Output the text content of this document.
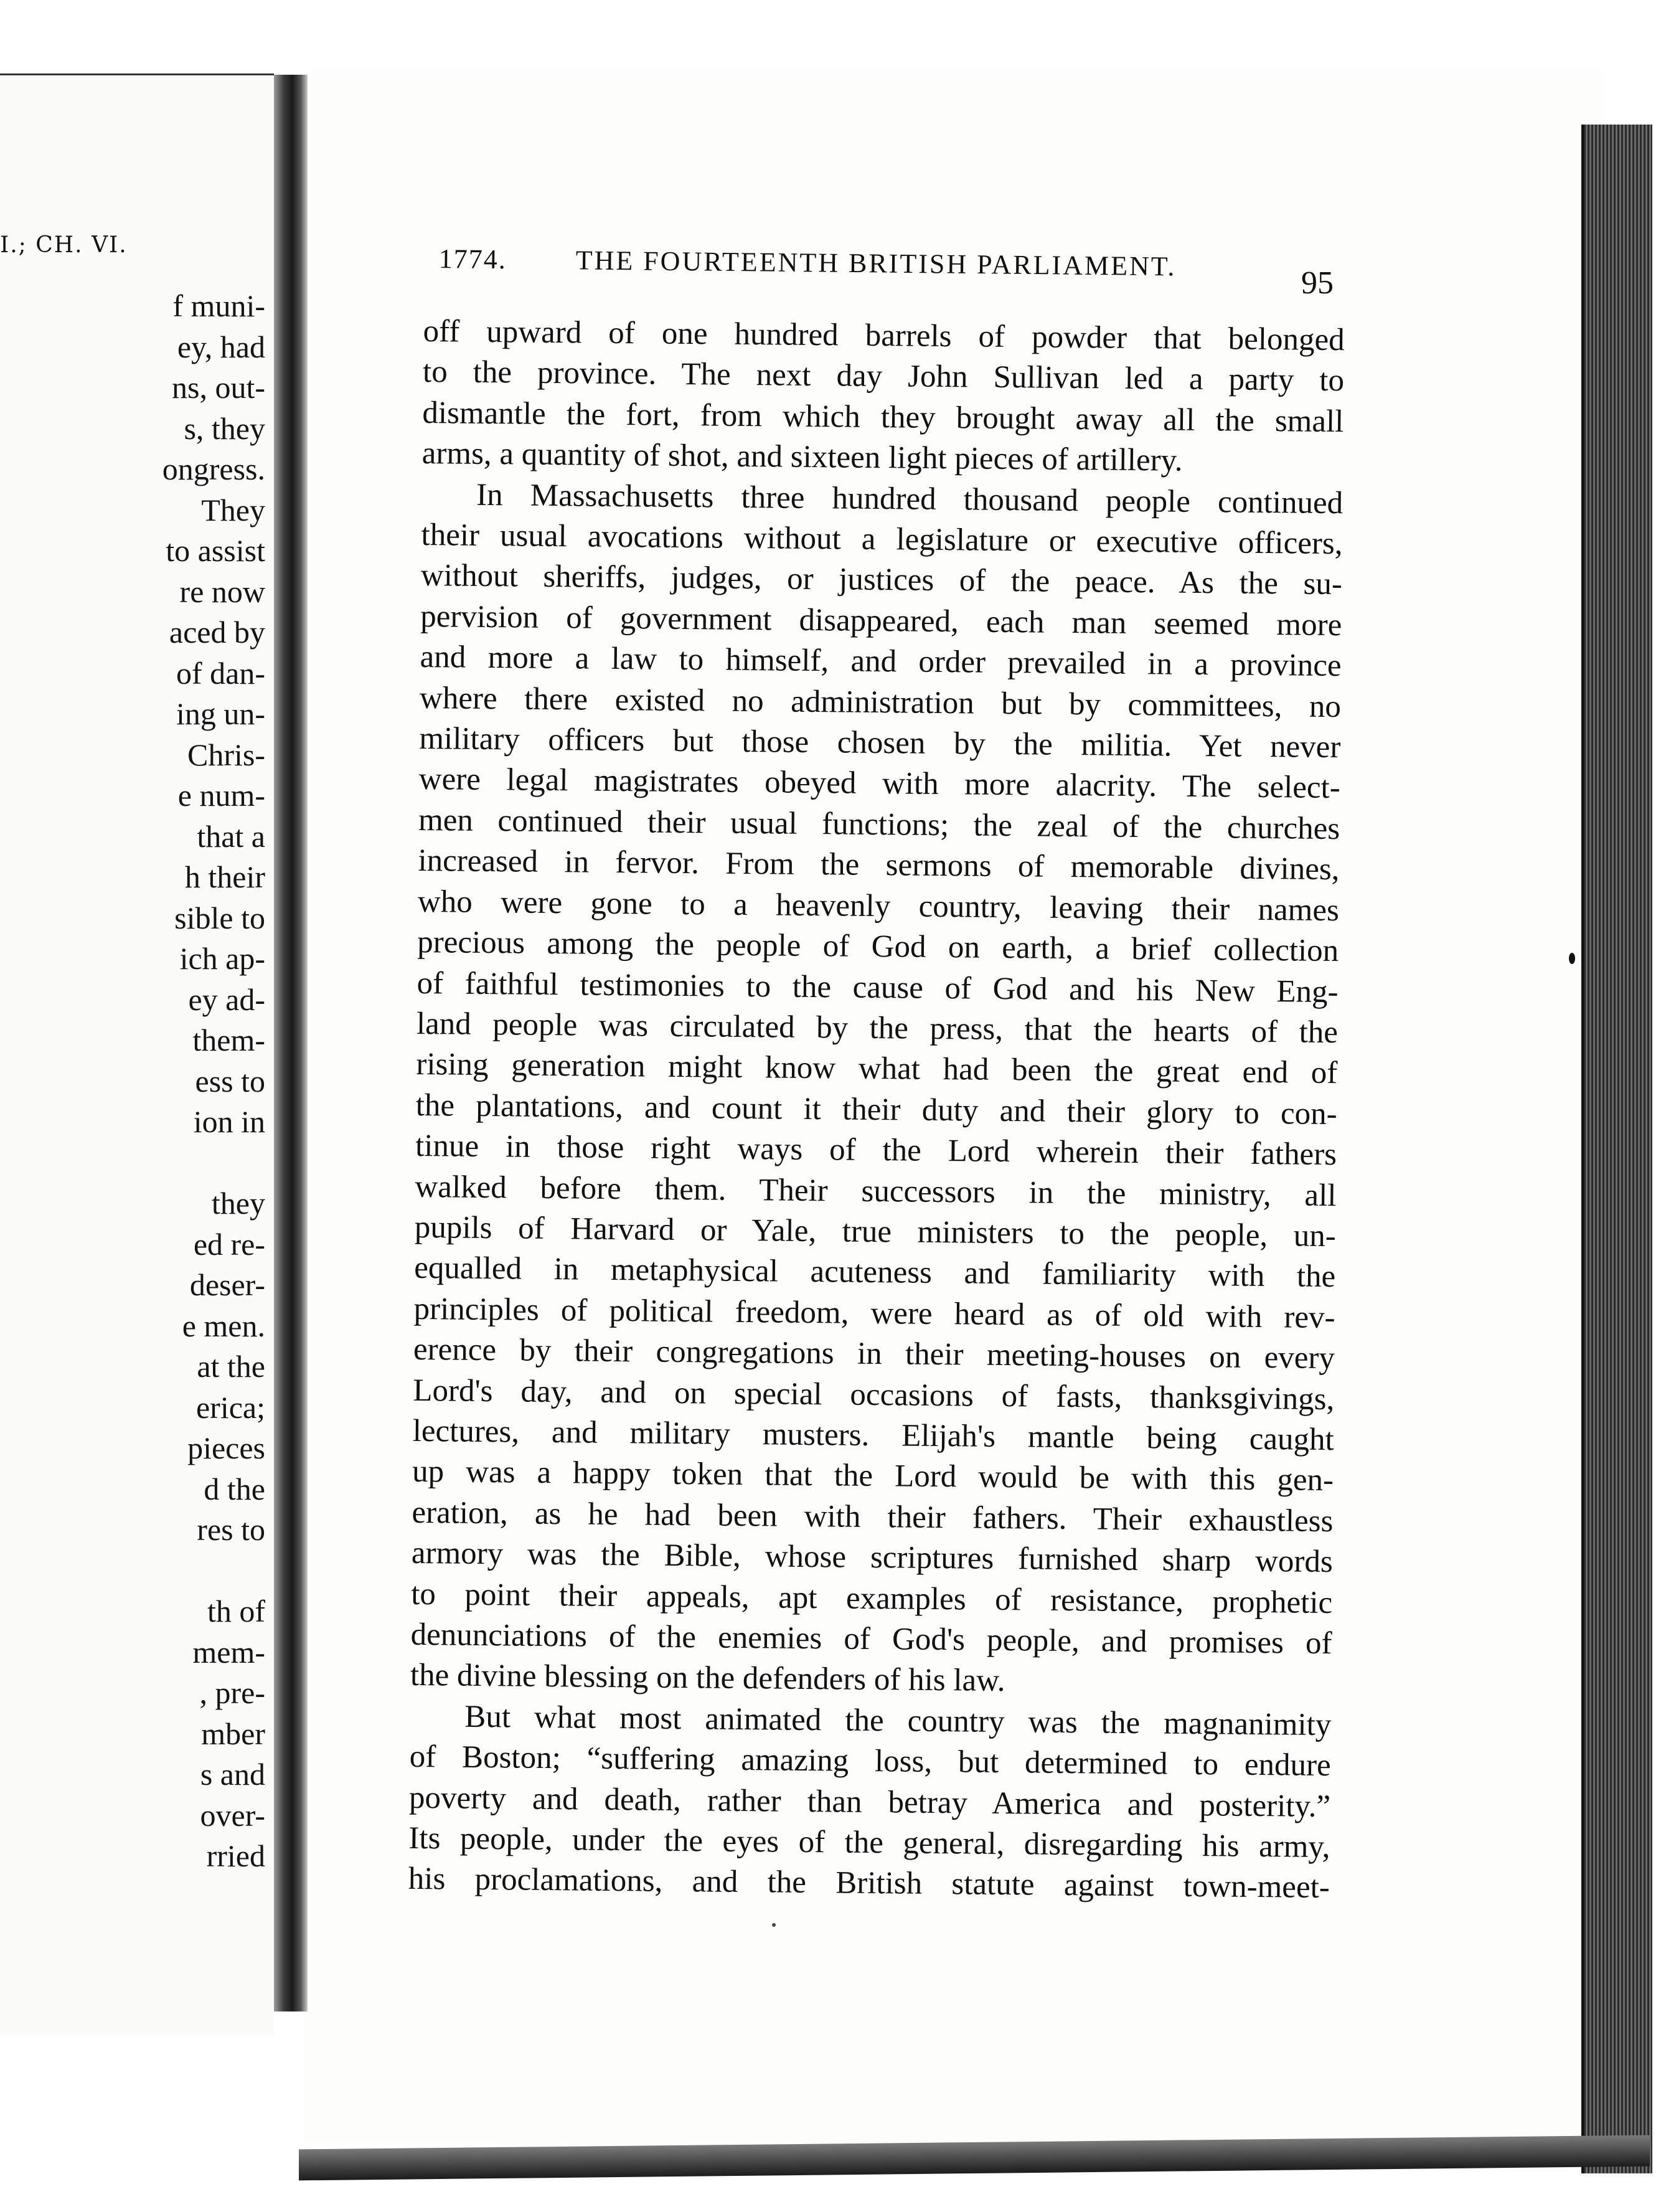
I.; CH. VI.
f muni-
ey, had
ns, out-
s, they
ongress.
They
to assist
re now
aced by
of dan-
ing un-
Chris-
e num-
that a
h their
sible to
ich ap-
ey ad-
them-
ess to
ion in
they
ed re-
deser-
e men.
at the
erica;
pieces
d the
res to
th of
mem-
, pre-
mber
s and
over-
rried
1774.	THE FOURTEENTH BRITISH PARLIAMENT.
95
off upward of one hundred barrels of powder that belonged
to the province. The next day John Sullivan led a party to
dismantle the fort, from which they brought away all the small
arms, a quantity of shot, and sixteen light pieces of artillery.
In Massachusetts three hundred thousand people continued
their usual avocations without a legislature or executive officers,
without sheriffs, judges, or justices of the peace. As the su-
pervision of government disappeared, each man seemed more
and more a law to himself, and order prevailed in a province
where there existed no administration but by committees, no
military officers but those chosen by the militia. Yet never
were legal magistrates obeyed with more alacrity. The select-
men continued their usual functions; the zeal of the churches
increased in fervor. From the sermons of memorable divines,
who were gone to a heavenly country, leaving their names
precious among the people of God on earth, a brief collection
of faithful testimonies to the cause of God and his New Eng-
land people was circulated by the press, that the hearts of the
rising generation might know what had been the great end of
the plantations, and count it their duty and their glory to con-
tinue in those right ways of the Lord wherein their fathers
walked before them. Their successors in the ministry, all
pupils of Harvard or Yale, true ministers to the people, un-
equalled in metaphysical acuteness and familiarity with the
principles of political freedom, were heard as of old with rev-
erence by their congregations in their meeting-houses on every
Lord's day, and on special occasions of fasts, thanksgivings,
lectures, and military musters. Elijah's mantle being caught
up was a happy token that the Lord would be with this gen-
eration, as he had been with their fathers. Their exhaustless
armory was the Bible, whose scriptures furnished sharp words
to point their appeals, apt examples of resistance, prophetic
denunciations of the enemies of God's people, and promises of
the divine blessing on the defenders of his law.
But what most animated the country was the magnanimity
of Boston; “suffering amazing loss, but determined to endure
poverty and death, rather than betray America and posterity.”
Its people, under the eyes of the general, disregarding his army,
his proclamations, and the British statute against town-meet-
